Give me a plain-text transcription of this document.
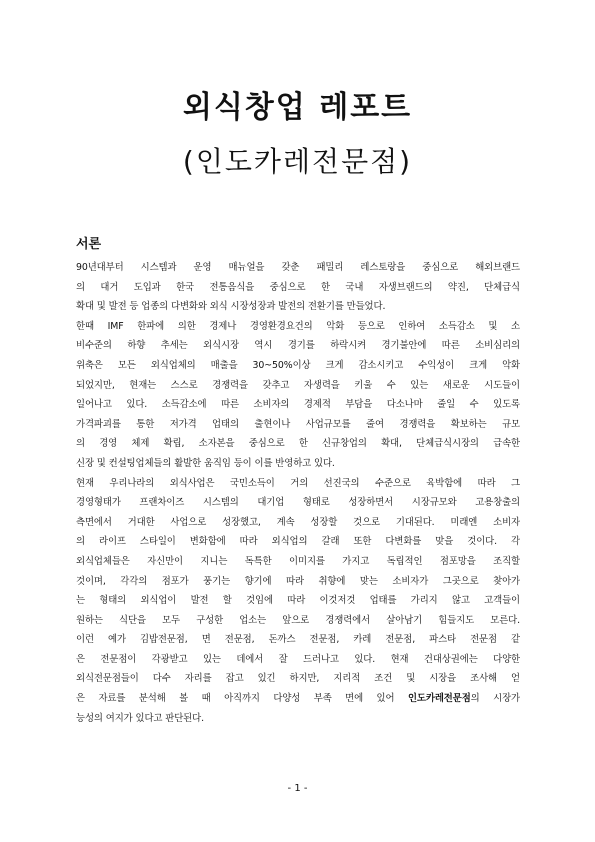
외식창업 레포트
(인도카레전문점)
서론
90년대부터 시스템과 운영 매뉴얼을 갖춘 패밀리 레스토랑을 중심으로 해외브랜드
의 대거 도입과 한국 전통음식을 중심으로 한 국내 자생브랜드의 약진, 단체급식
확대 및 발전 등 업종의 다변화와 외식 시장성장과 발전의 전환기를 만들었다.
한때 IMF 한파에 의한 경제나 경영환경요건의 악화 등으로 인하여 소득감소 및 소
비수준의 하향 추세는 외식시장 역시 경기를 하락시켜 경기불안에 따른 소비심리의
위축은 모든 외식업체의 매출을 30~50%이상 크게 감소시키고 수익성이 크게 악화
되었지만, 현재는 스스로 경쟁력을 갖추고 자생력을 키울 수 있는 새로운 시도들이
일어나고 있다. 소득감소에 따른 소비자의 경제적 부담을 다소나마 줄일 수 있도록
가격파괴를 통한 저가격 업태의 출현이나 사업규모를 줄여 경쟁력을 확보하는 규모
의 경영 체제 확립, 소자본을 중심으로 한 신규창업의 확대, 단체급식시장의 급속한
신장 및 컨설팅업체들의 활발한 움직임 등이 이를 반영하고 있다.
현재 우리나라의 외식사업은 국민소득이 거의 선진국의 수준으로 육박함에 따라 그
경영형태가 프랜차이즈 시스템의 대기업 형태로 성장하면서 시장규모와 고용창출의
측면에서 거대한 사업으로 성장했고, 계속 성장할 것으로 기대된다. 미래엔 소비자
의 라이프 스타일이 변화함에 따라 외식업의 갈래 또한 다변화를 맞을 것이다. 각
외식업체들은 자신만이 지니는 독특한 이미지를 가지고 독립적인 점포망을 조직할
것이며, 각각의 점포가 풍기는 향기에 따라 취향에 맞는 소비자가 그곳으로 찾아가
는 형태의 외식업이 발전 할 것임에 따라 이것저것 업태를 가리지 않고 고객들이
원하는 식단을 모두 구성한 업소는 앞으로 경쟁력에서 살아남기 힘들지도 모른다.
이런 예가 김밥전문점, 면 전문점, 돈까스 전문점, 카레 전문점, 파스타 전문점 같
은 전문점이 각광받고 있는 데에서 잘 드러나고 있다. 현재 건대상권에는 다양한
외식전문점들이 다수 자리를 잡고 있긴 하지만, 지리적 조건 및 시장을 조사해 얻
은 자료를 분석해 볼 때 아직까지 다양성 부족 면에 있어 인도카레전문점의 시장가
능성의 여지가 있다고 판단된다.
- 1 -
